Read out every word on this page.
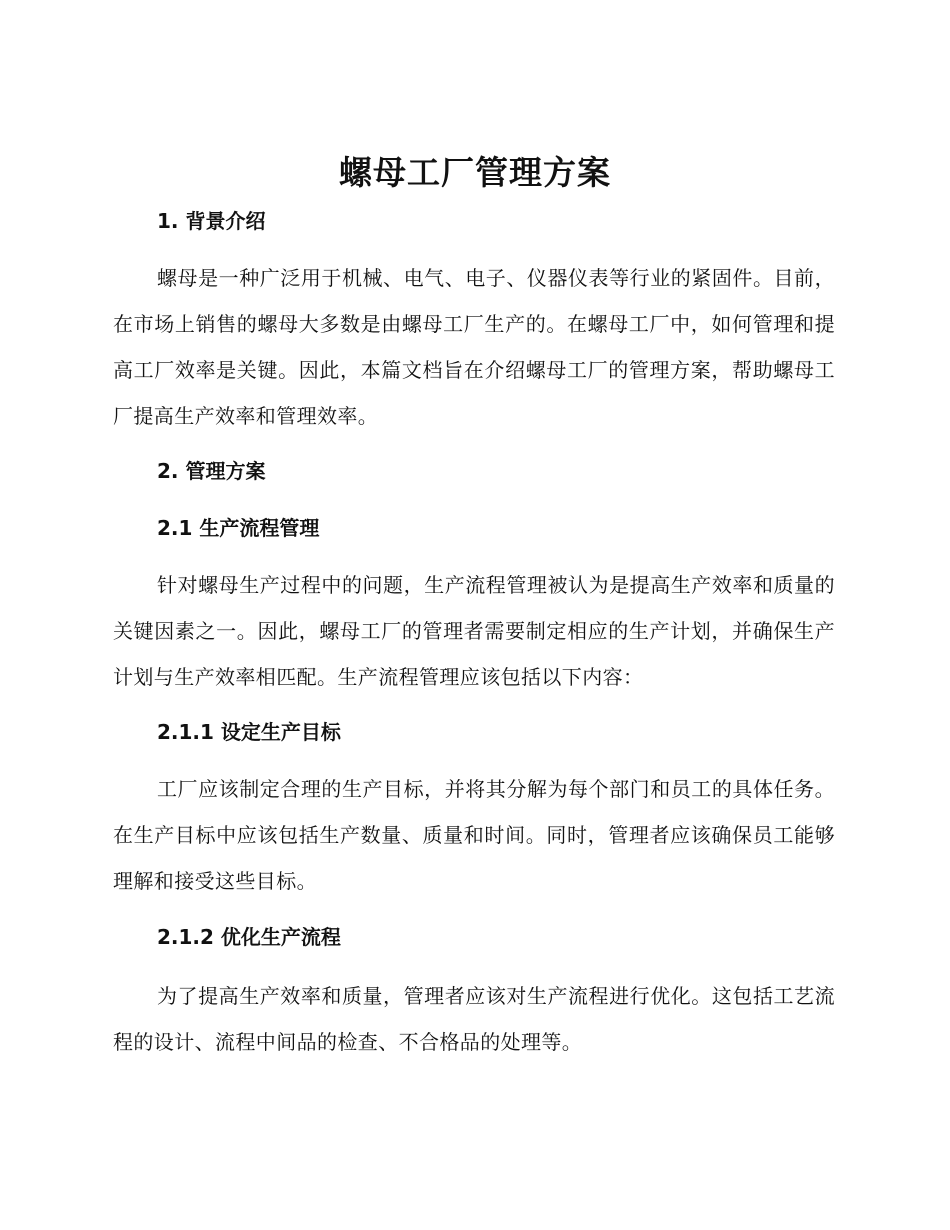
螺母工厂管理方案
1. 背景介绍

螺母是一种广泛用于机械、电气、电子、仪器仪表等行业的紧固件。目前，在市场上销售的螺母大多数是由螺母工厂生产的。在螺母工厂中，如何管理和提高工厂效率是关键。因此，本篇文档旨在介绍螺母工厂的管理方案，帮助螺母工厂提高生产效率和管理效率。

2. 管理方案
2.1 生产流程管理

针对螺母生产过程中的问题，生产流程管理被认为是提高生产效率和质量的关键因素之一。因此，螺母工厂的管理者需要制定相应的生产计划，并确保生产计划与生产效率相匹配。生产流程管理应该包括以下内容：

2.1.1 设定生产目标

工厂应该制定合理的生产目标，并将其分解为每个部门和员工的具体任务。在生产目标中应该包括生产数量、质量和时间。同时，管理者应该确保员工能够理解和接受这些目标。

2.1.2 优化生产流程

为了提高生产效率和质量，管理者应该对生产流程进行优化。这包括工艺流程的设计、流程中间品的检查、不合格品的处理等。
